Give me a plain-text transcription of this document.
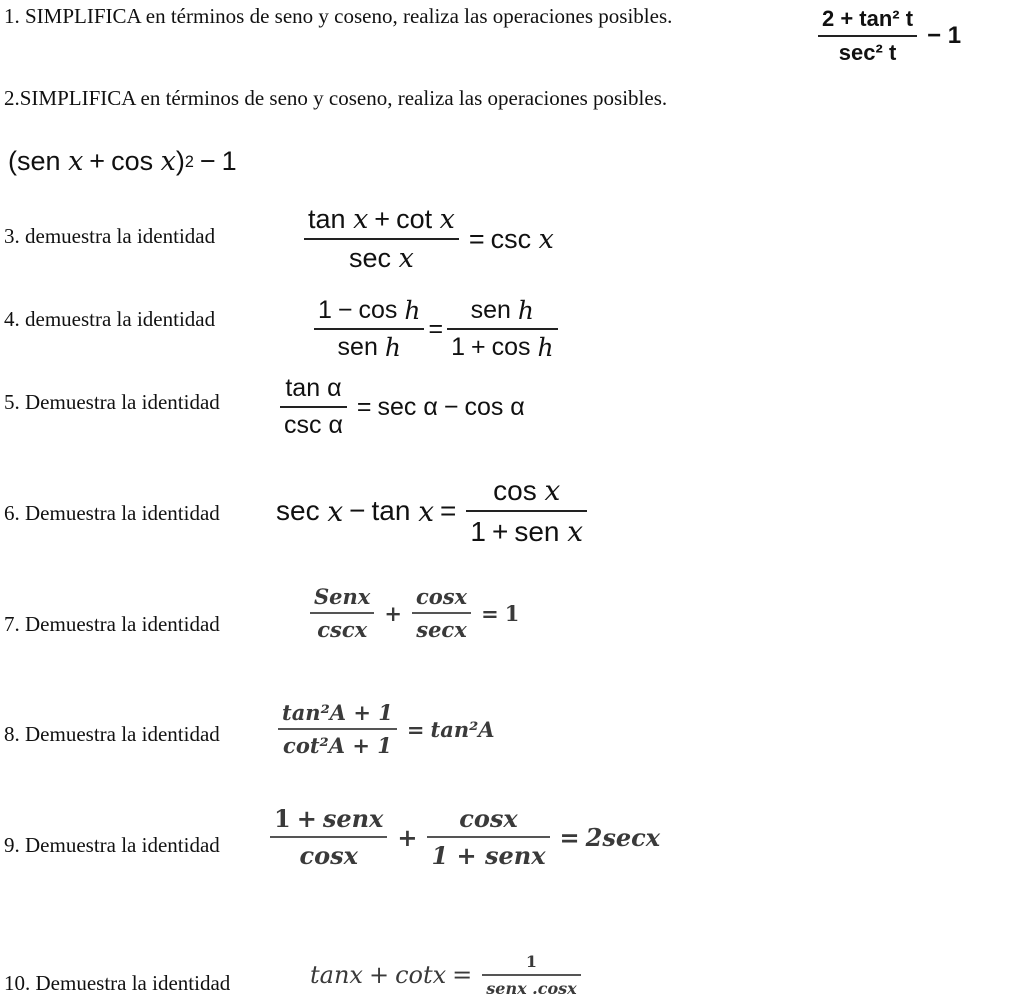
1. SIMPLIFICA en términos de seno y coseno, realiza las operaciones posibles.	$\frac{\text{2 + tan² t}}{\text{sec² t}} - 1$
2.SIMPLIFICA en términos de seno y coseno, realiza las operaciones posibles.
( sen
x + cos
x ) 2 − 1
3. demuestra la identidad	tan
x + cot
x
sec
x = csc
x
4. demuestra la identidad	1 − cos
h
sen
h = sen
h
1 + cos
h
5. Demuestra la identidad tan
α
csc
α = sec
α − cos
α
6. Demuestra la identidad sec
x − tan
x = cos
x
1 + sen
x
7. Demuestra la identidad	$\frac{\text{Senx}}{\csc x} + \frac{\cos x}{\sec x} = 1$
8. Demuestra la identidad	$\frac{\text{tan²A + 1}}{\text{cot²A + 1}} = \tan^2A$
9. Demuestra la identidad $\frac{\text{1 + senx}}{\cos x} + \frac{\cos x}{\text{1 + senx}} = 2\sec x$
10. Demuestra la identidad	$\tan x + \cot x = \frac{1}{\text{senx .cosx}}$
